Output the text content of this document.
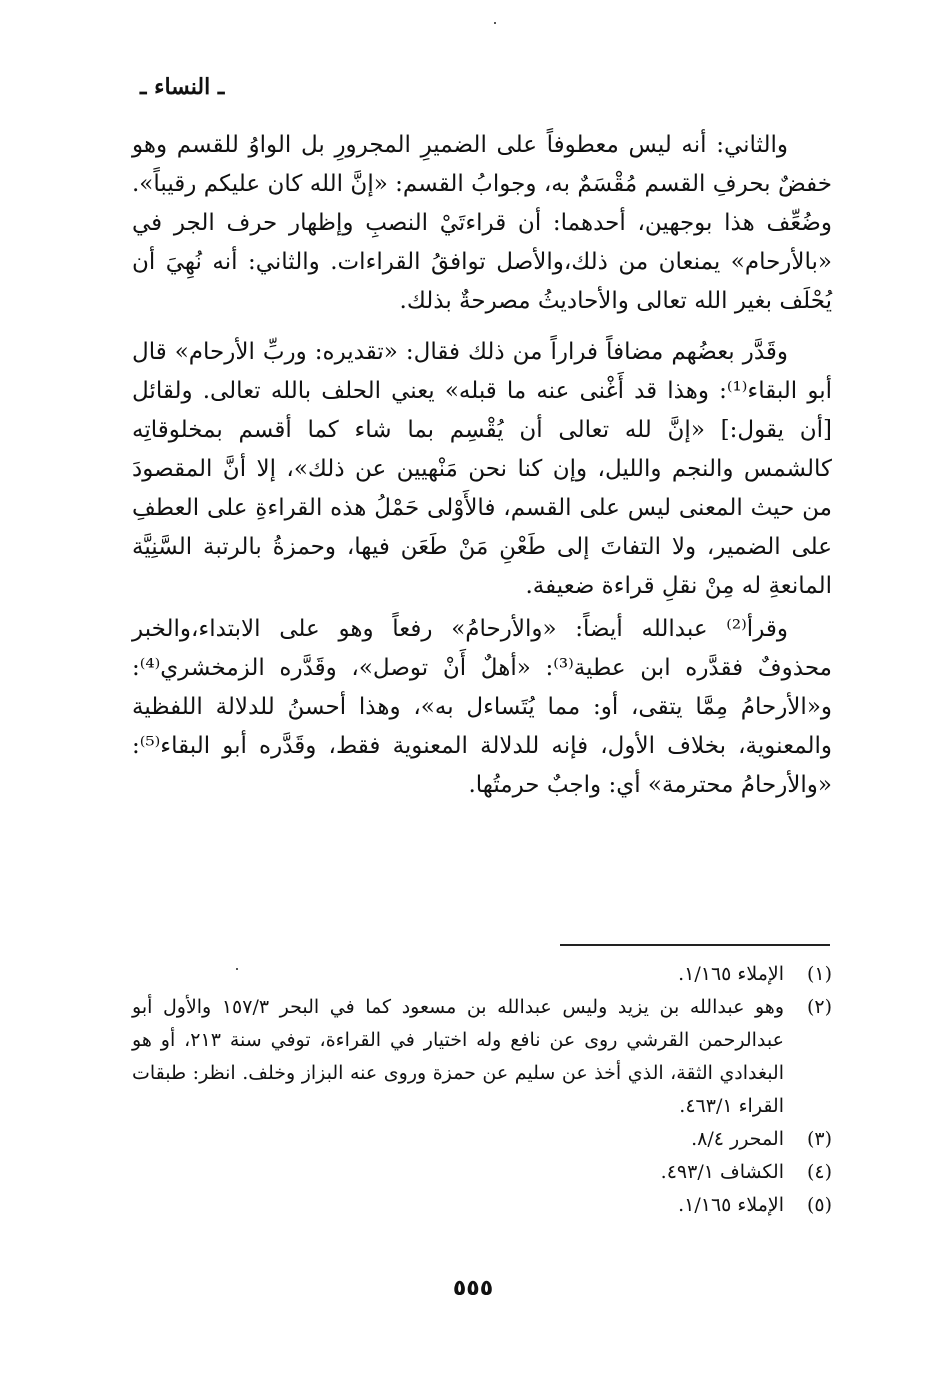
ـ النساء ـ

والثاني: أنه ليس معطوفاً على الضميرِ المجرورِ بل الواوُ للقسم وهو خفضٌ بحرفِ القسم مُقْسَمٌ به، وجوابُ القسم: «إنَّ الله كان عليكم رقيباً». وضُعِّف هذا بوجهين، أحدهما: أن قراءتَيْ النصبِ وإظهار حرف الجر في «بالأرحام» يمنعان من ذلك،والأصل توافقُ القراءات. والثاني: أنه نُهِيَ أن يُحْلَف بغير الله تعالى والأحاديثُ مصرحةٌ بذلك.

وقَدَّر بعضُهم مضافاً فراراً من ذلك فقال: «تقديره: وربِّ الأرحام» قال أبو البقاء⁽¹⁾: وهذا قد أَغْنى عنه ما قبله» يعني الحلف بالله تعالى. ولقائل [أن يقول:] «إنَّ لله تعالى أن يُقْسِم بما شاء كما أقسم بمخلوقاتِه كالشمس والنجم والليل، وإن كنا نحن مَنْهيين عن ذلك»، إلا أنَّ المقصودَ من حيث المعنى ليس على القسم، فالأَوْلى حَمْلُ هذه القراءةِ على العطفِ على الضمير، ولا التفاتَ إلى طَعْنِ مَنْ طَعَن فيها، وحمزةُ بالرتبة السَّنِيَّة المانعةِ له مِنْ نقلِ قراءة ضعيفة.

وقرأ⁽²⁾ عبدالله أيضاً: «والأرحامُ» رفعاً وهو على الابتداء،والخبر محذوفٌ فقدَّره ابن عطية⁽³⁾: «أهلٌ أَنْ توصل»، وقَدَّره الزمخشري⁽⁴⁾: و«الأرحامُ مِمَّا يتقى، أو: مما يُتَساءل به»، وهذا أحسنُ للدلالة اللفظية والمعنوية، بخلاف الأول، فإنه للدلالة المعنوية فقط، وقَدَّره أبو البقاء⁽⁵⁾: «والأرحامُ محترمة» أي: واجبٌ حرمتُها.

(١)
الإملاء ١/١٦٥.
(٢)
وهو عبدالله بن يزيد وليس عبدالله بن مسعود كما في البحر ١٥٧/٣ والأول أبو عبدالرحمن القرشي روى عن نافع وله اختيار في القراءة، توفي سنة ٢١٣، أو هو البغدادي الثقة، الذي أخذ عن سليم عن حمزة وروى عنه البزاز وخلف. انظر: طبقات القراء ٤٦٣/١.
(٣)
المحرر ٨/٤.
(٤)
الكشاف ٤٩٣/١.
(٥)
الإملاء ١/١٦٥.
٥٥٥
